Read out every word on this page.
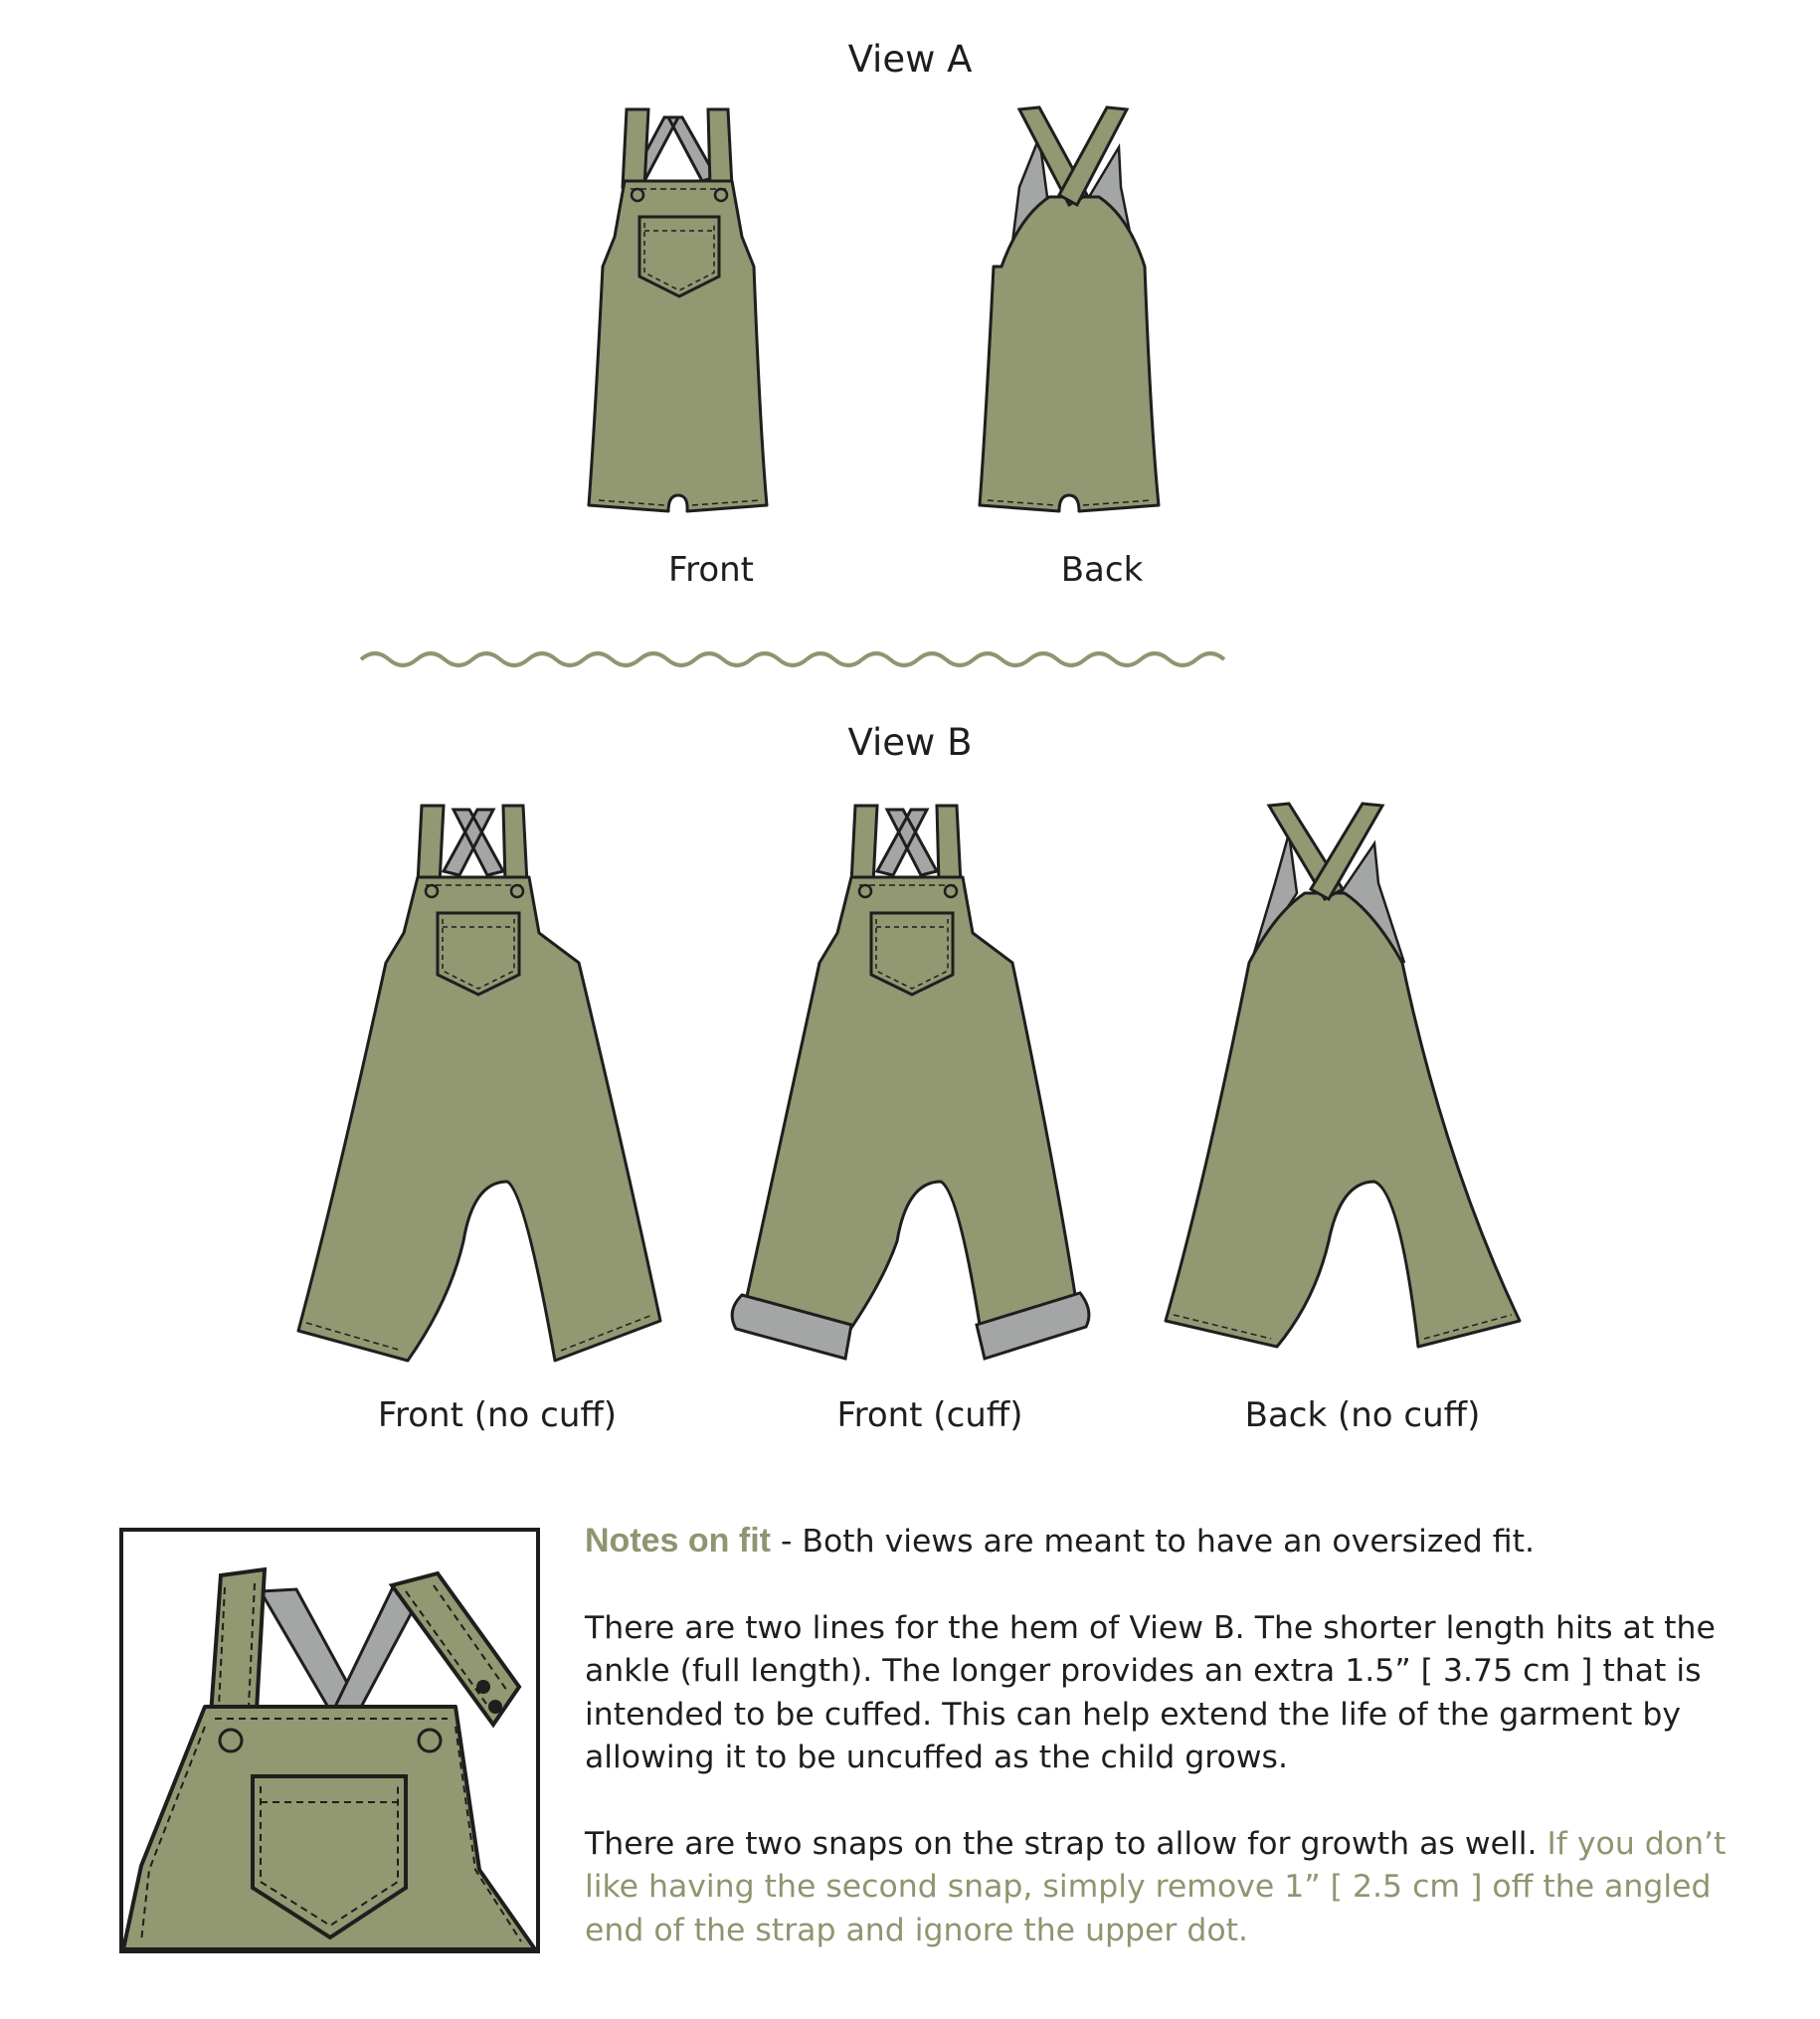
View A
View B
Front	Back
Front (no cuff)	Front (cuff)	Back (no cuff)

Notes on fit - Both views are meant to have an oversized fit.

There are two lines for the hem of View B. The shorter length hits at the ankle (full length). The longer provides an extra 1.5” [ 3.75 cm ] that is intended to be cuffed. This can help extend the life of the garment by allowing it to be uncuffed as the child grows.

There are two snaps on the strap to allow for growth as well. If you don’t like having the second snap, simply remove 1” [ 2.5 cm ] off the angled end of the strap and ignore the upper dot.
